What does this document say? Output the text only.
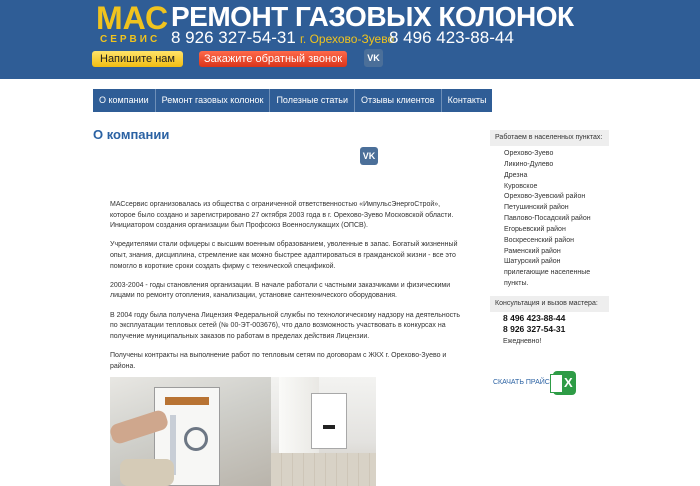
МАС
СЕРВИС
РЕМОНТ ГАЗОВЫХ КОЛОНОК
8 926 327-54-31 г. Орехово-Зуево
8 496 423-88-44
Напишите нам	Закажите обратный звонок	VK
О компании	Ремонт газовых колонок	Полезные статьи	Отзывы клиентов	Контакты
О компании
VK

МАСсервис организовалась из общества с ограниченной ответственностью «ИмпульсЭнергоСтрой», которое было создано и зарегистрировано 27 октября 2003 года в г. Орехово-Зуево Московской области. Инициатором создания организации был Профсоюз Военнослужащих (ОПСВ).

Учредителями стали офицеры с высшим военным образованием, уволенные в запас. Богатый жизненный опыт, знания, дисциплина, стремление как можно быстрее адаптироваться в гражданской жизни - все это помогло в короткие сроки создать фирму с технической спецификой.

2003-2004 - годы становления организации. В начале работали с частными заказчиками и физическими лицами по ремонту отопления, канализации, установке сантехнического оборудования.

В 2004 году была получена Лицензия Федеральной службы по технологическому надзору на деятельность по эксплуатации тепловых сетей (№ 00-ЭТ-003676), что дало возможность участвовать в конкурсах на получение муниципальных заказов по работам в пределах действия Лицензии.

Получены контракты на выполнение работ по тепловым сетям по договорам с ЖКХ г. Орехово-Зуево и района.

Работаем в населенных пунктах:
Орехово-Зуево
Ликино-Дулево
Дрезна
Куровское
Орехово-Зуевский район
Петушинский район
Павлово-Посадский район
Егорьевский район
Воскресенский район
Раменский район
Шатурский район
прилегающие населенные
пункты.
Консультация и вызов мастера:
8 496 423-88-44
8 926 327-54-31
Ежедневно!
СКАЧАТЬ ПРАЙС X
